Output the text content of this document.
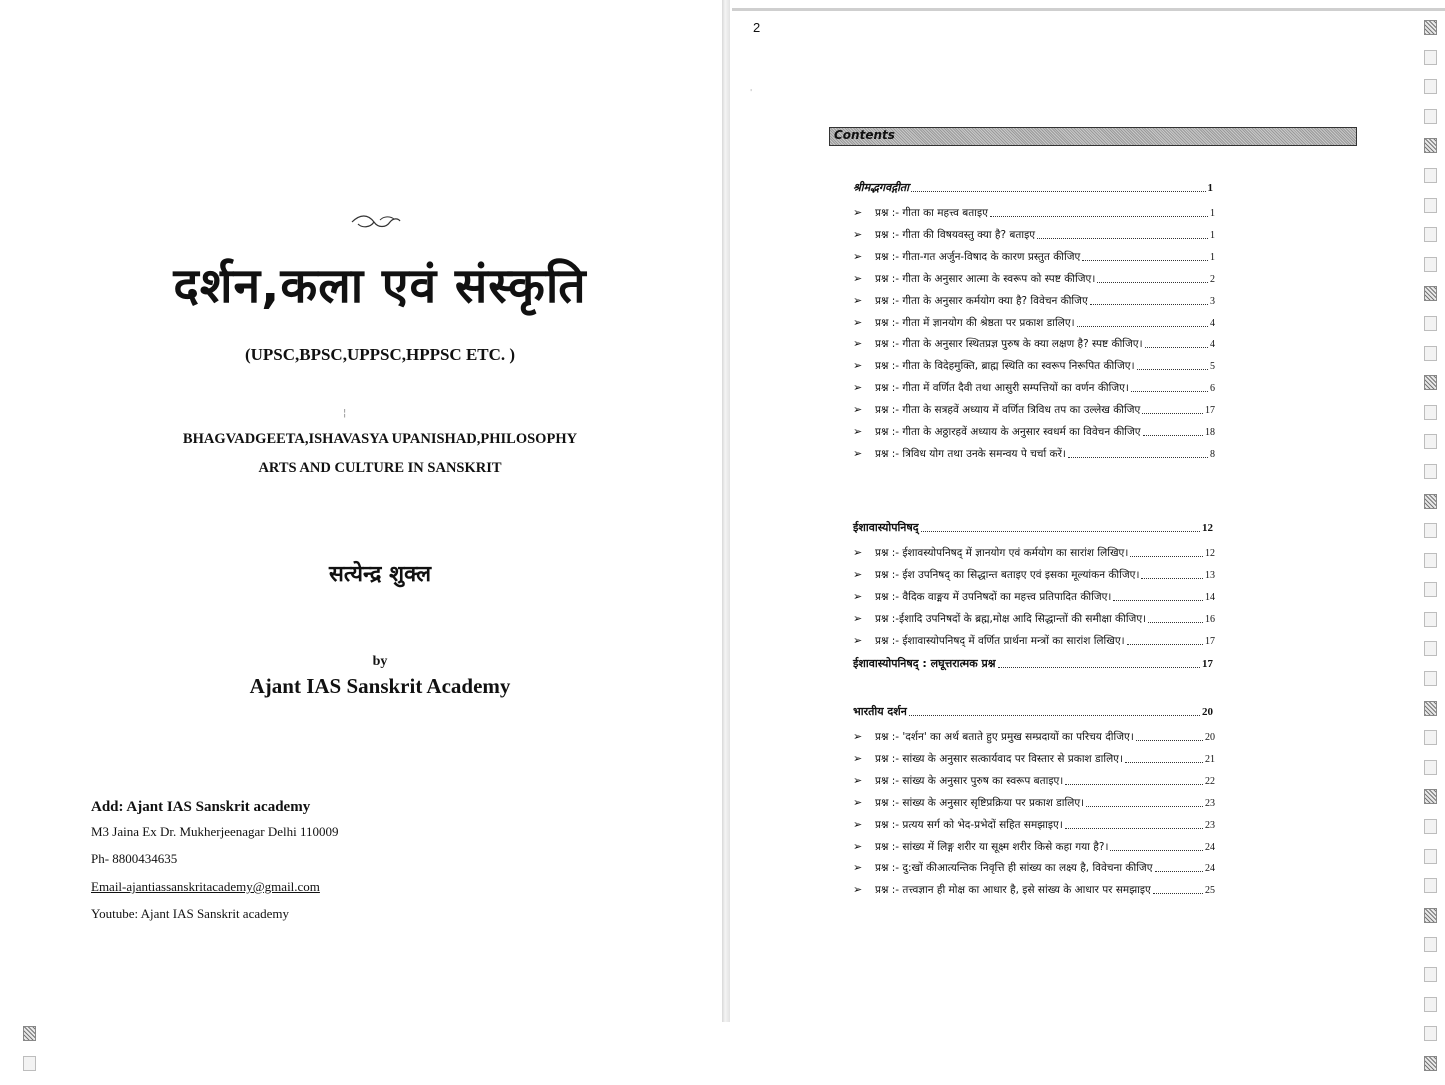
दर्शन,कला एवं संस्कृति
(UPSC,BPSC,UPPSC,HPPSC ETC. )
¦
BHAGVADGEETA,ISHAVASYA UPANISHAD,PHILOSOPHY
ARTS AND CULTURE IN SANSKRIT
सत्येन्द्र शुक्ल
by
Ajant IAS Sanskrit Academy
Add: Ajant IAS Sanskrit academy
M3 Jaina Ex Dr. Mukherjeenagar Delhi 110009
Ph- 8800434635
Email-ajantiassanskritacademy@gmail.com
Youtube: Ajant IAS Sanskrit academy
2
'
Contents
श्रीमद्भगवद्गीता	1
➢	प्रश्न :- गीता का महत्त्व बताइए	1
➢	प्रश्न :- गीता की विषयवस्तु क्या है? बताइए	1
➢	प्रश्न :- गीता-गत अर्जुन-विषाद के कारण प्रस्तुत कीजिए	1
➢	प्रश्न :- गीता के अनुसार आत्मा के स्वरूप को स्पष्ट कीजिए।	2
➢	प्रश्न :- गीता के अनुसार कर्मयोग क्या है? विवेचन कीजिए	3
➢	प्रश्न :- गीता में ज्ञानयोग की श्रेष्ठता पर प्रकाश डालिए।	4
➢	प्रश्न :- गीता के अनुसार स्थितप्रज्ञ पुरुष के क्या लक्षण है? स्पष्ट कीजिए।	4
➢	प्रश्न :- गीता के विदेहमुक्ति, ब्राह्म स्थिति का स्वरूप निरूपित कीजिए।	5
➢	प्रश्न :- गीता में वर्णित दैवी तथा आसुरी सम्पत्तियों का वर्णन कीजिए।	6
➢	प्रश्न :- गीता के सत्रहवें अध्याय में वर्णित त्रिविध तप का उल्लेख कीजिए	17
➢	प्रश्न :- गीता के अठ्ठारहवें अध्याय के अनुसार स्वधर्म का विवेचन कीजिए	18
➢	प्रश्न :- त्रिविध योग तथा उनके समन्वय पे चर्चा करें।	8
ईशावास्योपनिषद्	12
➢	प्रश्न :- ईशावस्योपनिषद् में ज्ञानयोग एवं कर्मयोग का सारांश लिखिए।	12
➢	प्रश्न :- ईश उपनिषद् का सिद्धान्त बताइए एवं इसका मूल्यांकन कीजिए।	13
➢	प्रश्न :- वैदिक वाङ्मय में उपनिषदों का महत्त्व प्रतिपादित कीजिए।	14
➢	प्रश्न :-ईशादि उपनिषदों के ब्रह्म,मोक्ष आदि सिद्धान्तों की समीक्षा कीजिए।	16
➢	प्रश्न :- ईशावास्योपनिषद् में वर्णित प्रार्थना मन्त्रों का सारांश लिखिए।	17
ईशावास्योपनिषद् : लघूत्तरात्मक प्रश्न	17
भारतीय दर्शन	20
➢	प्रश्न :- 'दर्शन' का अर्थ बताते हुए प्रमुख सम्प्रदायों का परिचय दीजिए।	20
➢	प्रश्न :- सांख्य के अनुसार सत्कार्यवाद पर विस्तार से प्रकाश डालिए।	21
➢	प्रश्न :- सांख्य के अनुसार पुरुष का स्वरूप बताइए।	22
➢	प्रश्न :- सांख्य के अनुसार सृष्टिप्रक्रिया पर प्रकाश डालिए।	23
➢	प्रश्न :- प्रत्यय सर्ग को भेद-प्रभेदों सहित समझाइए।	23
➢	प्रश्न :- सांख्य में लिङ्ग शरीर या सूक्ष्म शरीर किसे कहा गया है?।	24
➢	प्रश्न :- दु:खों कीआत्यन्तिक निवृत्ति ही सांख्य का लक्ष्य है, विवेचना कीजिए	24
➢	प्रश्न :- तत्त्वज्ञान ही मोक्ष का आधार है, इसे सांख्य के आधार पर समझाइए	25
